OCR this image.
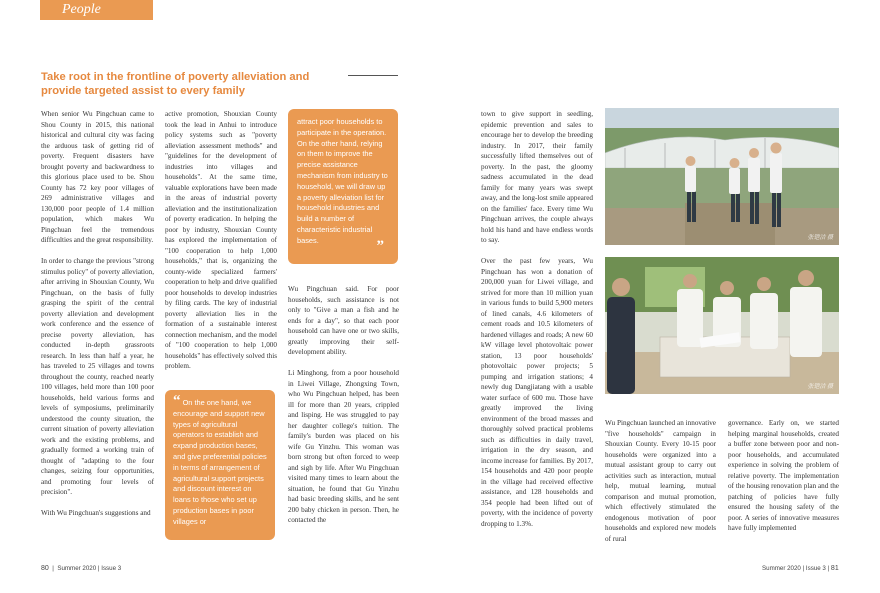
People
Take root in the frontline of poverty alleviation and provide targeted assist to every family

When senior Wu Pingchuan came to Shou County in 2015, this national historical and cultural city was facing the arduous task of getting rid of poverty. Frequent disasters have brought poverty and backwardness to this glorious place used to be. Shou County has 72 key poor villages of 269 administrative villages and 130,000 poor people of 1.4 million population, which makes Wu Pingchuan feel the tremendous difficulties and the great responsibility.

In order to change the previous "strong stimulus policy" of poverty alleviation, after arriving in Shouxian County, Wu Pingchuan, on the basis of fully grasping the spirit of the central poverty alleviation and development work conference and the essence of precise poverty alleviation, has conducted in-depth grassroots research. In less than half a year, he has traveled to 25 villages and towns throughout the county, reached nearly 100 villages, held more than 100 poor households, held various forms and levels of symposiums, preliminarily understood the county situation, the current situation of poverty alleviation work and the existing problems, and gradually formed a working train of thought of "adapting to the four changes, seizing four opportunities, and promoting four levels of precision".

With Wu Pingchuan's suggestions and

active promotion, Shouxian County took the lead in Anhui to introduce policy systems such as "poverty alleviation assessment methods" and "guidelines for the development of industries into villages and households". At the same time, valuable explorations have been made in the areas of industrial poverty alleviation and the institutionalization of poverty eradication. In helping the poor by industry, Shouxian County has explored the implementation of "100 cooperation to help 1,000 households," that is, organizing the county-wide specialized farmers' cooperation to help and drive qualified poor households to develop industries by filing cards. The key of industrial poverty alleviation lies in the formation of a sustainable interest connection mechanism, and the model of "100 cooperation to help 1,000 households" has effectively solved this problem.

“ On the one hand, we encourage and support new types of agricultural operators to establish and expand production bases, and give preferential policies in terms of arrangement of agricultural support projects and discount interest on loans to those who set up production bases in poor villages or
attract poor households to participate in the operation. On the other hand, relying on them to improve the precise assistance mechanism from industry to household, we will draw up a poverty alleviation list for household industries and build a number of characteristic industrial bases.	”

Wu Pingchuan said. For poor households, such assistance is not only to "Give a man a fish and he ends for a day", so that each poor household can have one or two skills, greatly improving their self-development ability.

Li Minghong, from a poor household in Liwei Village, Zhongxing Town, who Wu Pingchuan helped, has been ill for more than 20 years, crippled and lisping. He was struggled to pay her daughter college's tuition. The family's burden was placed on his wife Gu Yinzhu. This woman was born strong but often forced to weep and sigh by life. After Wu Pingchuan visited many times to learn about the situation, he found that Gu Yinzhu had basic breeding skills, and he sent 200 baby chicken in person. Then, he contacted the

town to give support in seedling, epidemic prevention and sales to encourage her to develop the breeding industry. In 2017, their family successfully lifted themselves out of poverty. In the past, the gloomy sadness accumulated in the dead family for many years was swept away, and the long-lost smile appeared on the families' face. Every time Wu Pingchuan arrives, the couple always hold his hand and have endless words to say.

Over the past few years, Wu Pingchuan has won a donation of 200,000 yuan for Liwei village, and strived for more than 10 million yuan in various funds to build 5,900 meters of lined canals, 4.6 kilometers of cement roads and 10.5 kilometers of hardened villages and roads; A new 60 kW village level photovoltaic power station, 13 poor households' photovoltaic power projects; 5 pumping and irrigation stations; 4 newly dug Dangjiatang with a usable water surface of 600 mu. Those have greatly improved the living environment of the broad masses and thoroughly solved practical problems such as difficulties in daily travel, irrigation in the dry season, and income increase for families. By 2017, 154 households and 420 poor people in the village had received effective assistance, and 128 households and 354 people had been lifted out of poverty, with the incidence of poverty dropping to 1.3%.

张铠洁 摄
张铠洁 摄

Wu Pingchuan launched an innovative "five households" campaign in Shouxian County. Every 10-15 poor households were organized into a mutual assistant group to carry out activities such as interaction, mutual help, mutual learning, mutual comparison and mutual promotion, which effectively stimulated the endogenous motivation of poor households and explored new models of rural

governance. Early on, we started helping marginal households, created a buffer zone between poor and non-poor households, and accumulated experience in solving the problem of relative poverty. The implementation of the housing renovation plan and the patching of policies have fully ensured the housing safety of the poor. A series of innovative measures have fully implemented

80  |  Summer 2020 | Issue 3	Summer 2020 | Issue 3 | 81
